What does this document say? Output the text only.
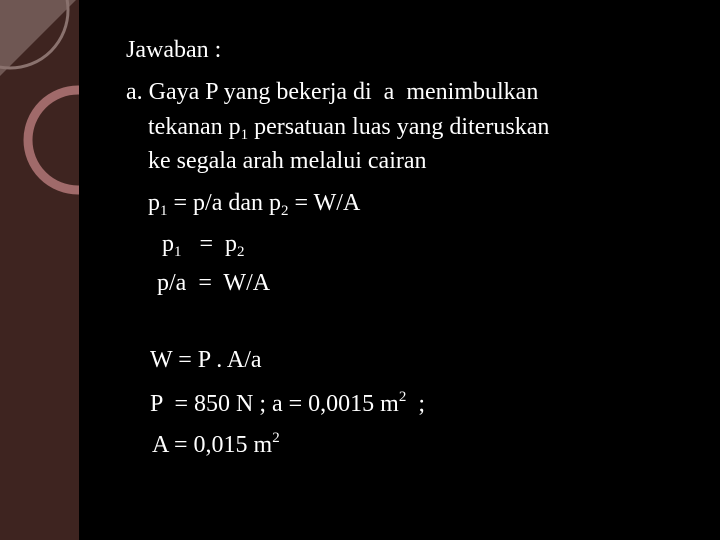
Jawaban :
a. Gaya P yang bekerja di  a  menimbulkan
tekanan $p_1$ persatuan luas yang diteruskan
ke segala arah melalui cairan
$p_1 = p/a$ dan $p_2 = W/A$
$p_1 = p_2$
p/a  =  W/A
W = P . A/a
P  = 850 N ; a = 0,0015 $m^2$  ;
A = 0,015 $m^2$
